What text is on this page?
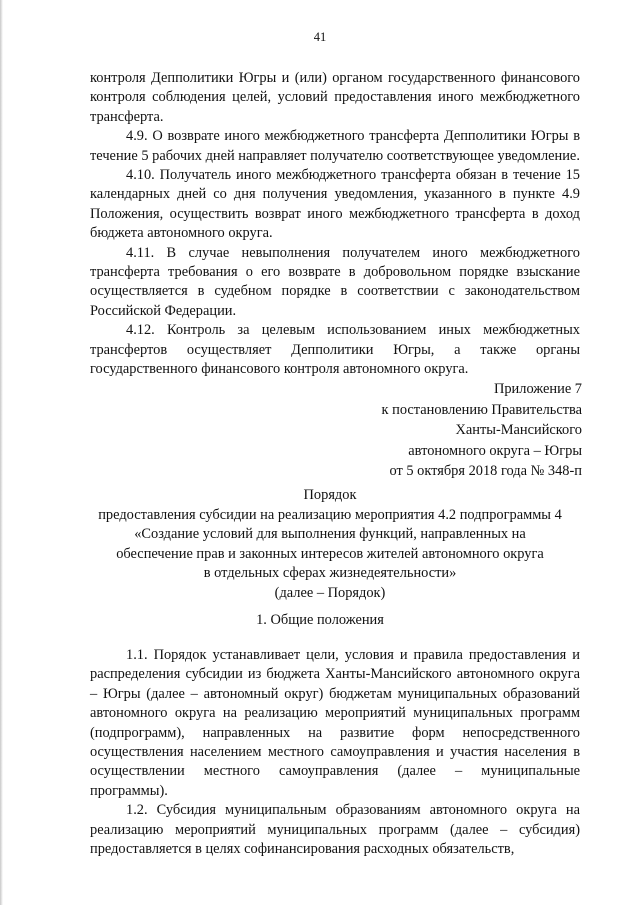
41

контроля Депполитики Югры и (или) органом государственного финансового контроля соблюдения целей, условий предоставления иного межбюджетного трансферта.

4.9. О возврате иного межбюджетного трансферта Депполитики Югры в течение 5 рабочих дней направляет получателю соответствующее уведомление.

4.10. Получатель иного межбюджетного трансферта обязан в течение 15 календарных дней со дня получения уведомления, указанного в пункте 4.9 Положения, осуществить возврат иного межбюджетного трансферта в доход бюджета автономного округа.

4.11. В случае невыполнения получателем иного межбюджетного трансферта требования о его возврате в добровольном порядке взыскание осуществляется в судебном порядке в соответствии с законодательством Российской Федерации.

4.12. Контроль за целевым использованием иных межбюджетных трансфертов осуществляет Депполитики Югры, а также органы государственного финансового контроля автономного округа.

Приложение 7
к постановлению Правительства
Ханты-Мансийского
автономного округа – Югры
от 5 октября 2018 года № 348-п
Порядок
предоставления субсидии на реализацию мероприятия 4.2 подпрограммы 4
«Создание условий для выполнения функций, направленных на
обеспечение прав и законных интересов жителей автономного округа
в отдельных сферах жизнедеятельности»
(далее – Порядок)
1. Общие положения

1.1. Порядок устанавливает цели, условия и правила предоставления и распределения субсидии из бюджета Ханты-Мансийского автономного округа – Югры (далее – автономный округ) бюджетам муниципальных образований автономного округа на реализацию мероприятий муниципальных программ (подпрограмм), направленных на развитие форм непосредственного осуществления населением местного самоуправления и участия населения в осуществлении местного самоуправления (далее – муниципальные программы).

1.2. Субсидия муниципальным образованиям автономного округа на реализацию мероприятий муниципальных программ (далее – субсидия) предоставляется в целях софинансирования расходных обязательств,
